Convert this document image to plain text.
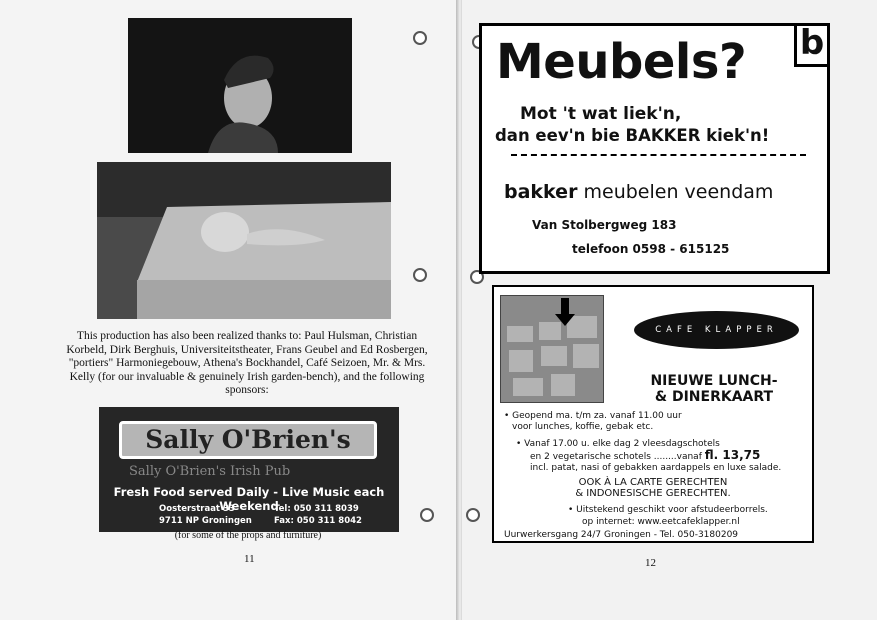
This production has also been realized thanks to: Paul Hulsman, Christian Korbeld, Dirk Berghuis, Universiteitstheater, Frans Geubel and Ed Rosbergen, "portiers" Harmoniegebouw, Athena's Bockhandel, Café Seizoen, Mr. & Mrs. Kelly (for our invaluable & genuinely Irish garden-bench), and the following sponsors:

Sally O'Brien's
Sally O'Brien's Irish Pub
Fresh Food served Daily - Live Music each Weekend
Oosterstraat 33
9711 NP Groningen
Tel: 050 311 8039
Fax: 050 311 8042
(for some of the props and furniture)
11
Meubels? b
Mot 't wat liek'n,
dan eev'n bie BAKKER kiek'n!
bakker meubelen veendam
Van Stolbergweg 183
telefoon 0598 - 615125
CAFE KLAPPER
NIEUWE LUNCH-
& DINERKAART
• Geopend ma. t/m za. vanaf 11.00 uur
voor lunches, koffie, gebak etc.
• Vanaf 17.00 u. elke dag 2 vleesdagschotels
en 2 vegetarische schotels ........vanaf fl. 13,75
incl. patat, nasi of gebakken aardappels en luxe salade.
OOK À LA CARTE GERECHTEN
& INDONESISCHE GERECHTEN.
• Uitstekend geschikt voor afstudeerborrels.
op internet: www.eetcafeklapper.nl
Uurwerkersgang 24/7 Groningen - Tel. 050-3180209
12
